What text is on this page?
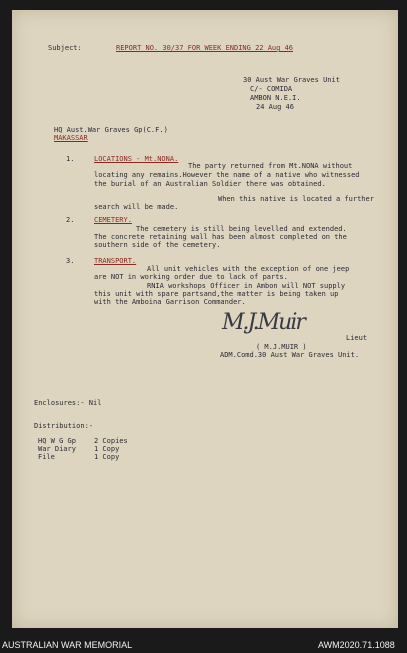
Subject:	REPORT NO. 30/37 FOR WEEK ENDING 22 Aug 46
30 Aust War Graves Unit
C/- COMIDA
AMBON N.E.I.
24 Aug 46
HQ Aust.War Graves Gp(C.F.)
MAKASSAR
1.	LOCATIONS - Mt.NONA.
The party returned from Mt.NONA without
locating any remains.However the name of a native who witnessed
the burial of an Australian Soldier there was obtained.
When this native is located a further
search will be made.
2.	CEMETERY.
The cemetery is still being levelled and extended.
The concrete retaining wall has been almost completed on the
southern side of the cemetery.
3.	TRANSPORT.
All unit vehicles with the exception of one jeep
are NOT in working order due to lack of parts.
RNIA workshops Officer in Ambon will NOT supply
this unit with spare partsand,the matter is being taken up
with the Amboina Garrison Commander.
M.J.Muir
Lieut
( M.J.MUIR )
ADM.Comd.30 Aust War Graves Unit.
Enclosures:- Nil
Distribution:-
HQ W G Gp	2 Copies
War Diary	1 Copy
File	1 Copy
AUSTRALIAN WAR MEMORIAL	AWM2020.71.1088
